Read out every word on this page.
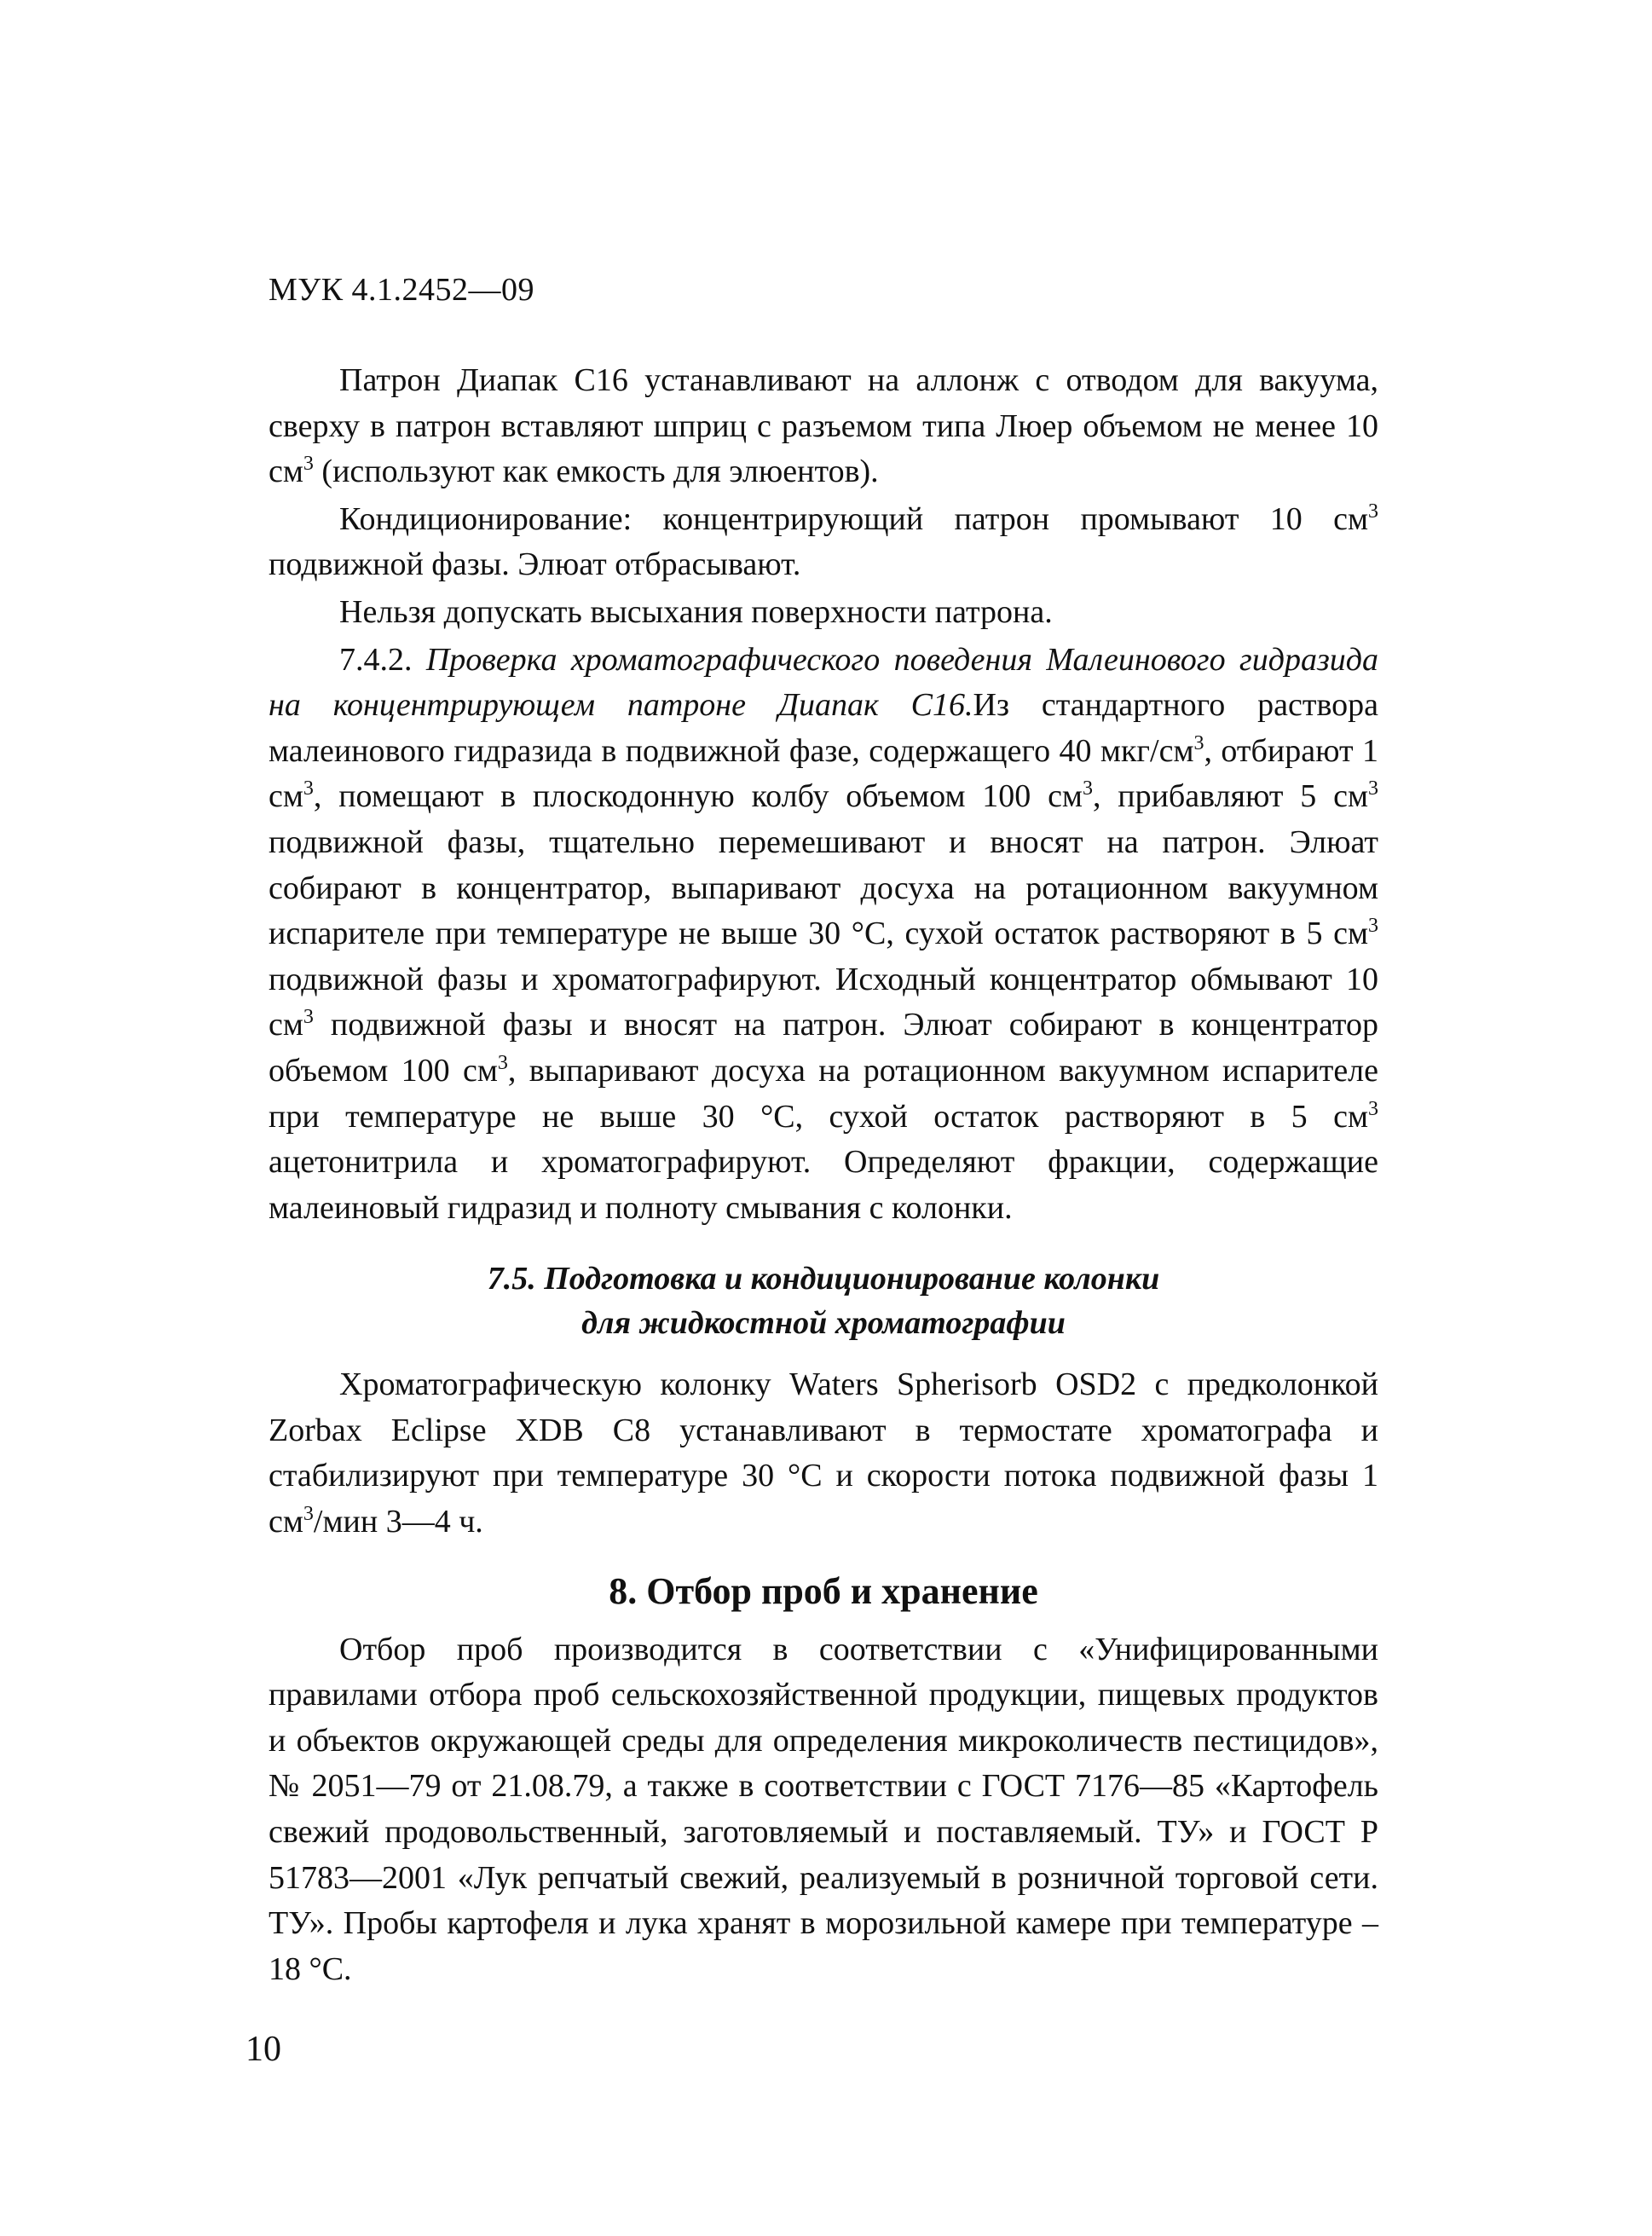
МУК 4.1.2452—09

Патрон Диапак C16 устанавливают на аллонж с отводом для вакуума, сверху в патрон вставляют шприц с разъемом типа Люер объемом не менее 10 $см^3$ (используют как емкость для элюентов).

Кондиционирование: концентрирующий патрон промывают 10 $см^3$ подвижной фазы. Элюат отбрасывают.

Нельзя допускать высыхания поверхности патрона.

7.4.2. Проверка хроматографического поведения Малеинового гидразида на концентрирующем патроне Диапак C16.Из стандартного раствора малеинового гидразида в подвижной фазе, содержащего 40 мкг/$см^3$, отбирают 1 $см^3$, помещают в плоскодонную колбу объемом 100 $см^3$, прибавляют 5 $см^3$ подвижной фазы, тщательно перемешивают и вносят на патрон. Элюат собирают в концентратор, выпаривают досуха на ротационном вакуумном испарителе при температуре не выше 30 °С, сухой остаток растворяют в 5 $см^3$ подвижной фазы и хроматографируют. Исходный концентратор обмывают 10 $см^3$ подвижной фазы и вносят на патрон. Элюат собирают в концентратор объемом 100 $см^3$, выпаривают досуха на ротационном вакуумном испарителе при температуре не выше 30 °С, сухой остаток растворяют в 5 $см^3$ ацетонитрила и хроматографируют. Определяют фракции, содержащие малеиновый гидразид и полноту смывания с колонки.

7.5. Подготовка и кондиционирование колонки
для жидкостной хроматографии

Хроматографическую колонку Waters Spherisorb OSD2 с предколонкой Zorbax Eclipse XDB C8 устанавливают в термостате хроматографа и стабилизируют при температуре 30 °С и скорости потока подвижной фазы 1 $см^3$/мин 3—4 ч.

8. Отбор проб и хранение

Отбор проб производится в соответствии с «Унифицированными правилами отбора проб сельскохозяйственной продукции, пищевых продуктов и объектов окружающей среды для определения микроколичеств пестицидов», № 2051—79 от 21.08.79, а также в соответствии с ГОСТ 7176—85 «Картофель свежий продовольственный, заготовляемый и поставляемый. ТУ» и ГОСТ Р 51783—2001 «Лук репчатый свежий, реализуемый в розничной торговой сети. ТУ». Пробы картофеля и лука хранят в морозильной камере при температуре – 18 °С.

10
